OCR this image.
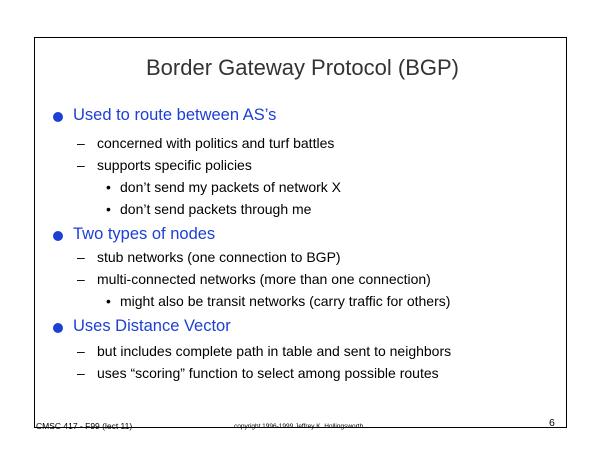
Border Gateway Protocol (BGP)
Used to route between AS’s
– concerned with politics and turf battles
– supports specific policies
• don’t send my packets of network X
• don’t send packets through me
Two types of nodes
– stub networks (one connection to BGP)
– multi-connected networks (more than one connection)
• might also be transit networks (carry traffic for others)
Uses Distance Vector
– but includes complete path in table and sent to neighbors
– uses “scoring” function to select among possible routes
CMSC 417 - F99 (lect 11)	copyright 1996-1999 Jeffrey K. Hollingsworth	6
